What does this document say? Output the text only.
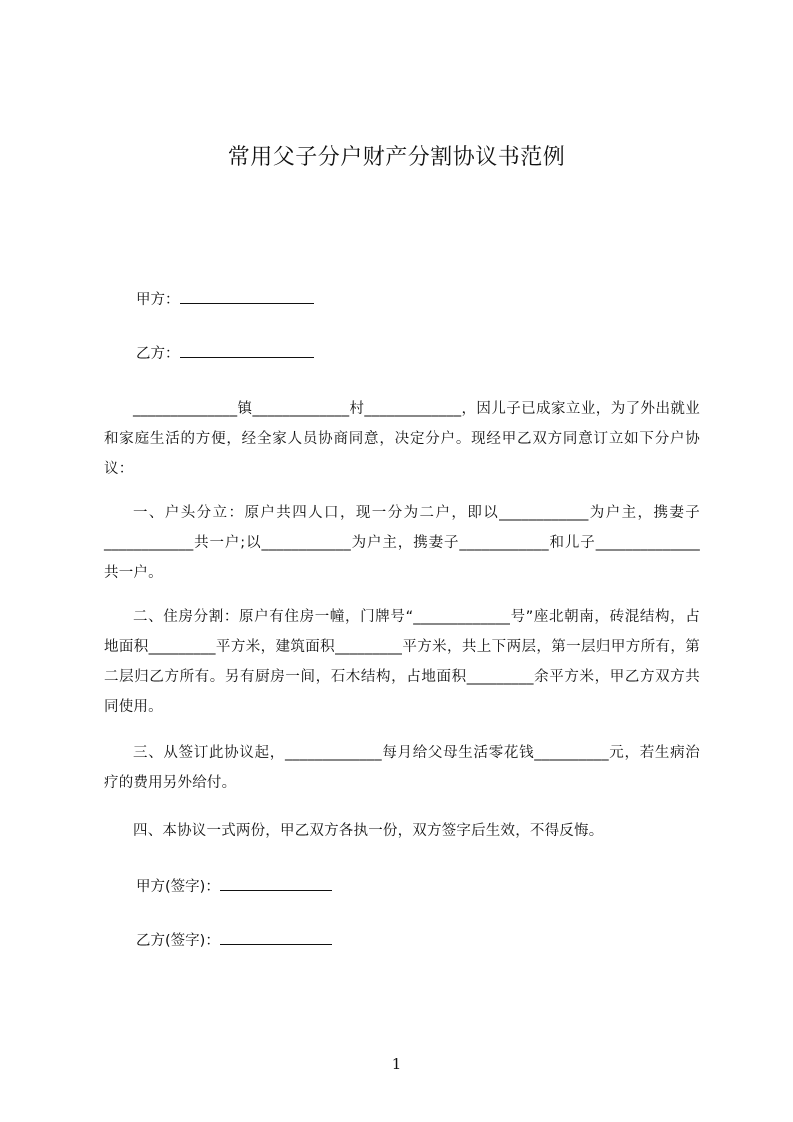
常用父子分户财产分割协议书范例
甲方：
乙方：
______________镇_____________村_____________，因儿子已成家立业，为了外出就业和家庭生活的方便，经全家人员协商同意，决定分户。现经甲乙双方同意订立如下分户协议：
一、户头分立：原户共四人口，现一分为二户，即以____________为户主，携妻子____________共一户;以____________为户主，携妻子____________和儿子______________共一户。
二、住房分割：原户有住房一幢，门牌号“_____________号”座北朝南，砖混结构，占地面积_________平方米，建筑面积_________平方米，共上下两层，第一层归甲方所有，第二层归乙方所有。另有厨房一间，石木结构，占地面积_________余平方米，甲乙方双方共同使用。
三、从签订此协议起，_____________每月给父母生活零花钱__________元，若生病治疗的费用另外给付。
四、本协议一式两份，甲乙双方各执一份，双方签字后生效，不得反悔。
甲方(签字)：
乙方(签字)：
1
